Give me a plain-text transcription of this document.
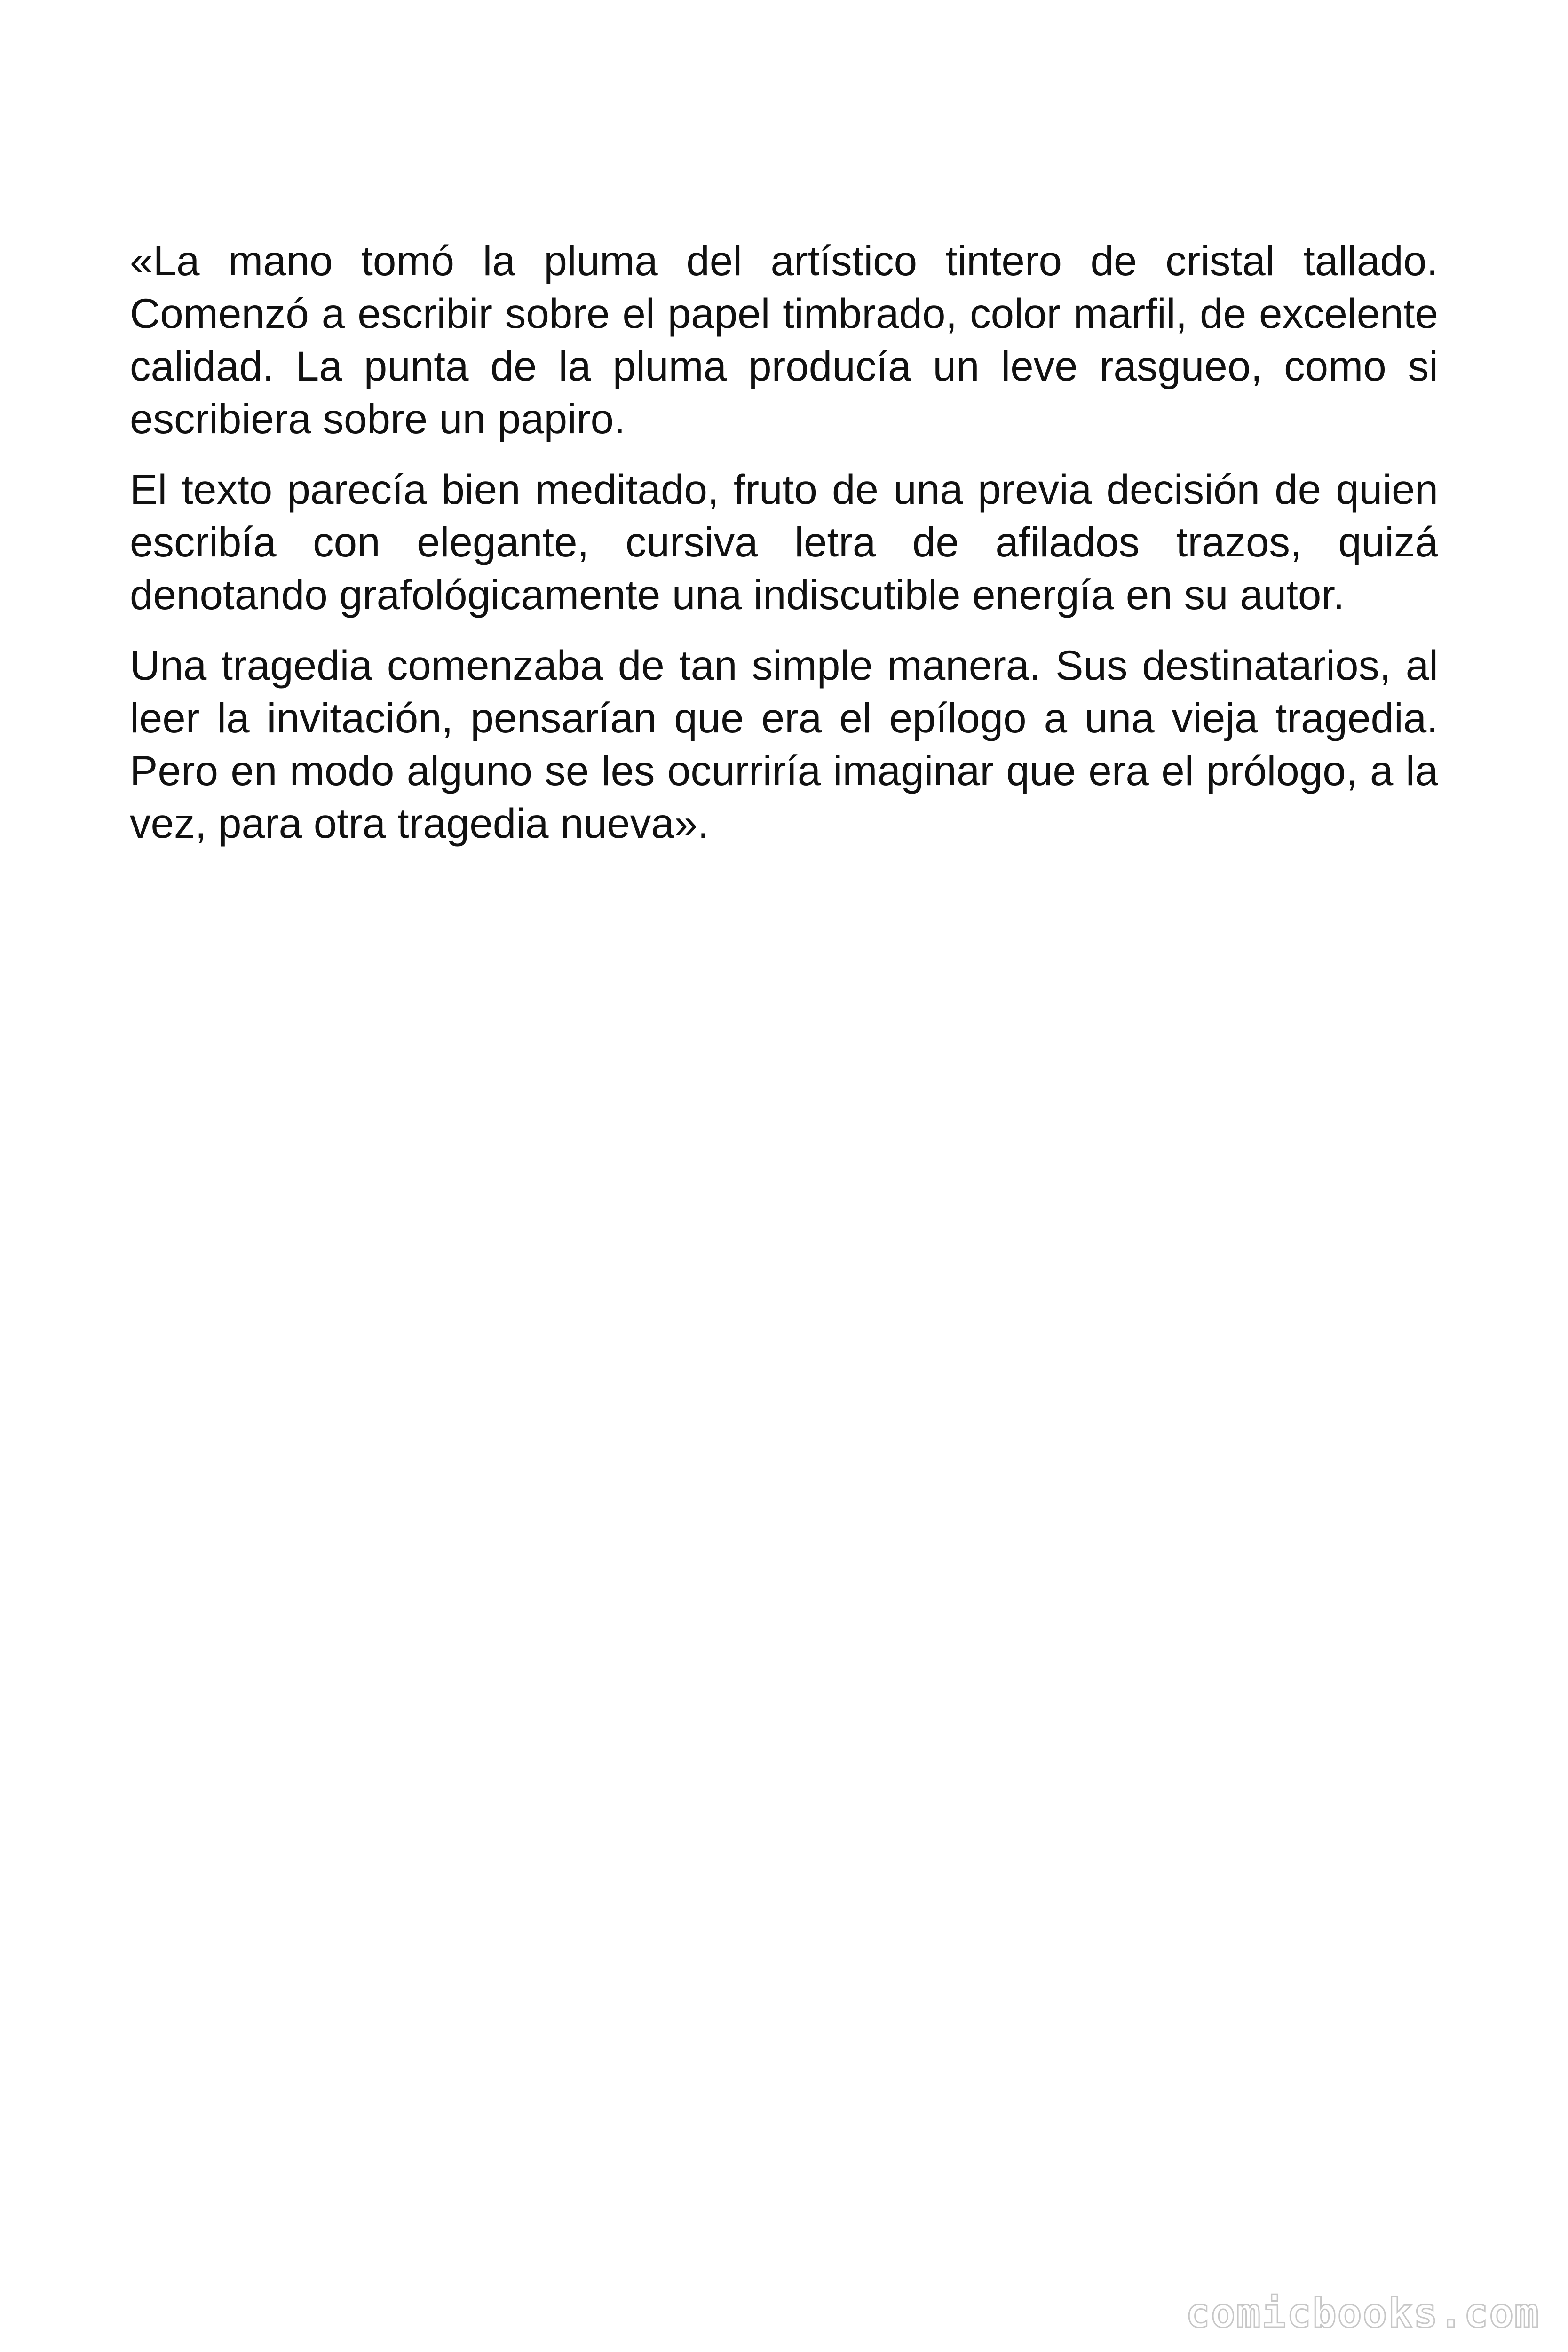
«La mano tomó la pluma del artístico tintero de cristal tallado. Comenzó a escribir sobre el papel timbrado, color marfil, de excelente calidad. La punta de la pluma producía un leve rasgueo, como si escribiera sobre un papiro.

El texto parecía bien meditado, fruto de una previa decisión de quien escribía con elegante, cursiva letra de afilados trazos, quizá denotando grafológicamente una indiscutible energía en su autor.

Una tragedia comenzaba de tan simple manera. Sus destinatarios, al leer la invitación, pensarían que era el epílogo a una vieja tragedia. Pero en modo alguno se les ocurriría imaginar que era el prólogo, a la vez, para otra tragedia nueva».

comicbooks.com
